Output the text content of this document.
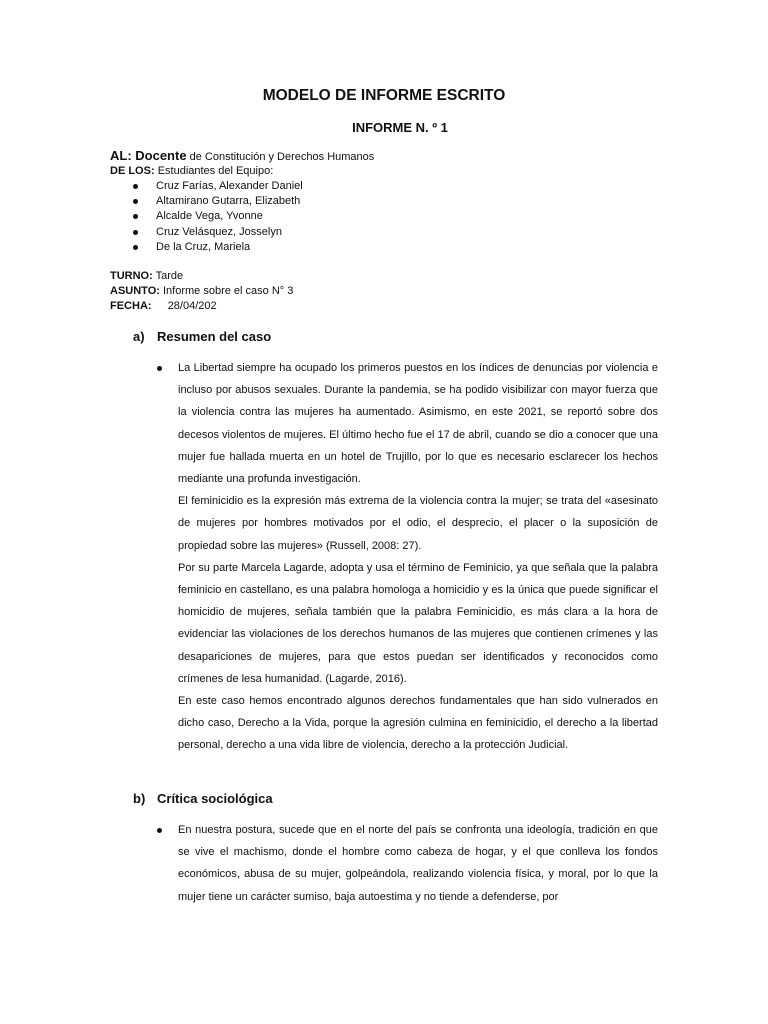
MODELO DE INFORME ESCRITO
INFORME N. º 1
AL: Docente de Constitución y Derechos Humanos
DE LOS: Estudiantes del Equipo:
Cruz Farías, Alexander Daniel
Altamirano Gutarra, Elizabeth
Alcalde Vega, Yvonne
Cruz Velásquez, Josselyn
De la Cruz, Mariela
TURNO: Tarde
ASUNTO: Informe sobre el caso N° 3
FECHA: 28/04/202
a) Resumen del caso

La Libertad siempre ha ocupado los primeros puestos en los índices de denuncias por violencia e incluso por abusos sexuales. Durante la pandemia, se ha podido visibilizar con mayor fuerza que la violencia contra las mujeres ha aumentado. Asimismo, en este 2021, se reportó sobre dos decesos violentos de mujeres. El último hecho fue el 17 de abril, cuando se dio a conocer que una mujer fue hallada muerta en un hotel de Trujillo, por lo que es necesario esclarecer los hechos mediante una profunda investigación.

El feminicidio es la expresión más extrema de la violencia contra la mujer; se trata del «asesinato de mujeres por hombres motivados por el odio, el desprecio, el placer o la suposición de propiedad sobre las mujeres» (Russell, 2008: 27).

Por su parte Marcela Lagarde, adopta y usa el término de Feminicio, ya que señala que la palabra feminicio en castellano, es una palabra homologa a homicidio y es la única que puede significar el homicidio de mujeres, señala también que la palabra Feminicidio, es más clara a la hora de evidenciar las violaciones de los derechos humanos de las mujeres que contienen crímenes y las desapariciones de mujeres, para que estos puedan ser identificados y reconocidos como crímenes de lesa humanidad. (Lagarde, 2016).

En este caso hemos encontrado algunos derechos fundamentales que han sido vulnerados en dicho caso, Derecho a la Vida, porque la agresión culmina en feminicidio, el derecho a la libertad personal, derecho a una vida libre de violencia, derecho a la protección Judicial.

b) Crítica sociológica

En nuestra postura, sucede que en el norte del país se confronta una ideología, tradición en que se vive el machismo, donde el hombre como cabeza de hogar, y el que conlleva los fondos económicos, abusa de su mujer, golpeándola, realizando violencia física, y moral, por lo que la mujer tiene un carácter sumiso, baja autoestima y no tiende a defenderse, por
